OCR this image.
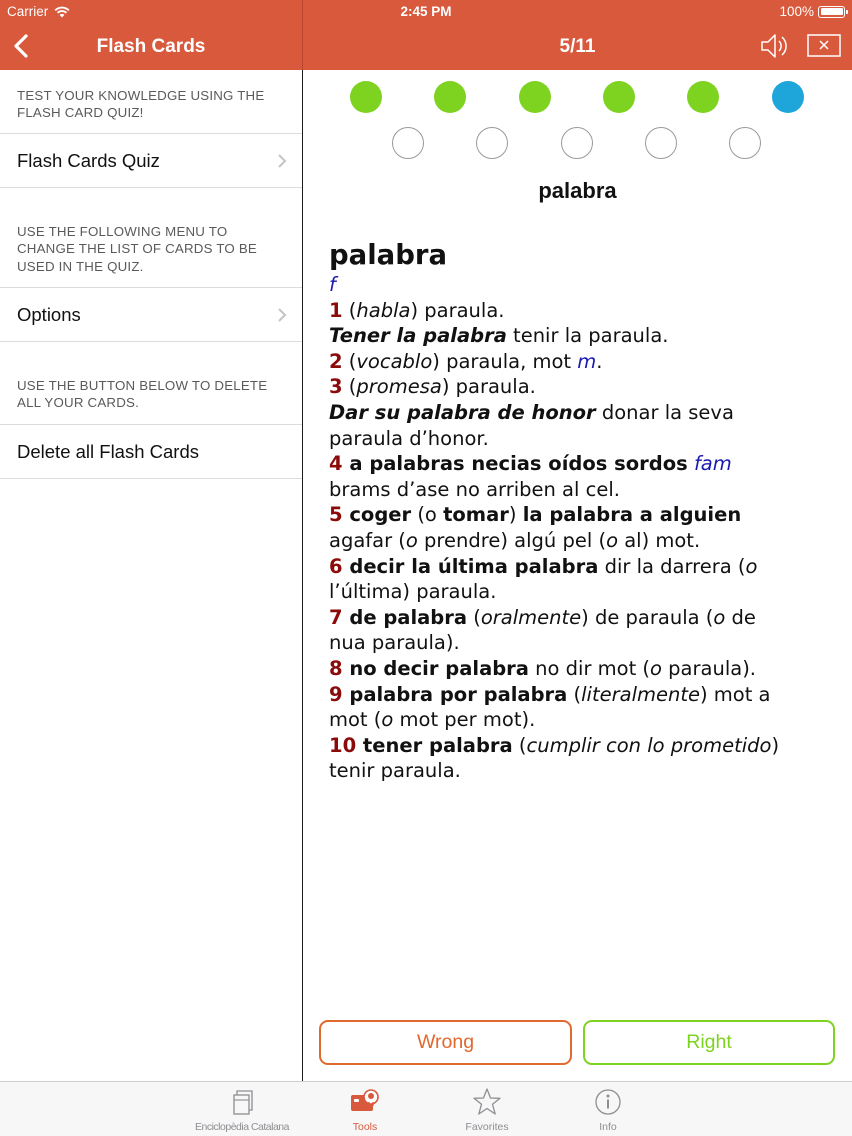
Carrier	2:45 PM	100%
Flash Cards	5/11
TEST YOUR KNOWLEDGE USING THE FLASH CARD QUIZ!
Flash Cards Quiz
USE THE FOLLOWING MENU TO CHANGE THE LIST OF CARDS TO BE USED IN THE QUIZ.
Options
USE THE BUTTON BELOW TO DELETE ALL YOUR CARDS.
Delete all Flash Cards
palabra
palabra
f
1 (habla) paraula.
Tener la palabra tenir la paraula.
2 (vocablo) paraula, mot m.
3 (promesa) paraula.
Dar su palabra de honor donar la seva
paraula d’honor.
4 a palabras necias oídos sordos fam
brams d’ase no arriben al cel.
5 coger (o tomar) la palabra a alguien
agafar (o prendre) algú pel (o al) mot.
6 decir la última palabra dir la darrera (o
l’última) paraula.
7 de palabra (oralmente) de paraula (o de
nua paraula).
8 no decir palabra no dir mot (o paraula).
9 palabra por palabra (literalmente) mot a
mot (o mot per mot).
10 tener palabra (cumplir con lo prometido)
tenir paraula.
Wrong	Right
Enciclopèdia Catalana	Tools	Favorites	Info
